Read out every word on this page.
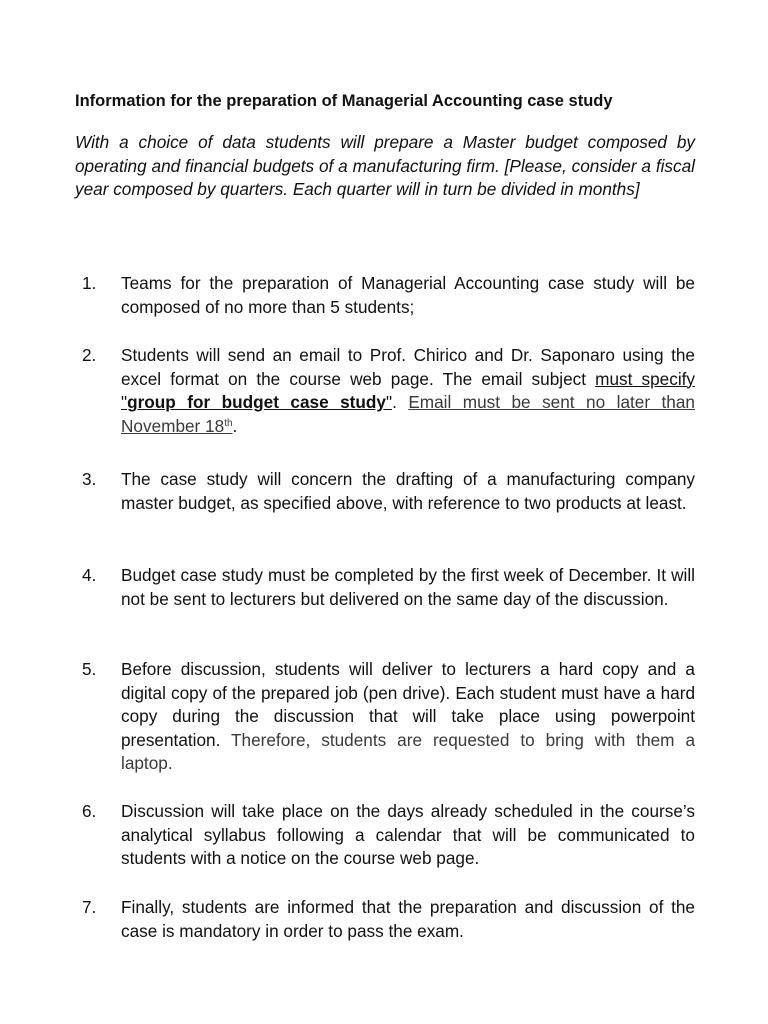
Information for the preparation of Managerial Accounting case study
With a choice of data students will prepare a Master budget composed by operating and financial budgets of a manufacturing firm. [Please, consider a fiscal year composed by quarters. Each quarter will in turn be divided in months]
1. Teams for the preparation of Managerial Accounting case study will be composed of no more than 5 students;
2. Students will send an email to Prof. Chirico and Dr. Saponaro using the excel format on the course web page. The email subject must specify "group for budget case study". Email must be sent no later than November 18th.
3. The case study will concern the drafting of a manufacturing company master budget, as specified above, with reference to two products at least.
4. Budget case study must be completed by the first week of December. It will not be sent to lecturers but delivered on the same day of the discussion.
5. Before discussion, students will deliver to lecturers a hard copy and a digital copy of the prepared job (pen drive). Each student must have a hard copy during the discussion that will take place using powerpoint presentation. Therefore, students are requested to bring with them a laptop.
6. Discussion will take place on the days already scheduled in the course’s analytical syllabus following a calendar that will be communicated to students with a notice on the course web page.
7. Finally, students are informed that the preparation and discussion of the case is mandatory in order to pass the exam.
